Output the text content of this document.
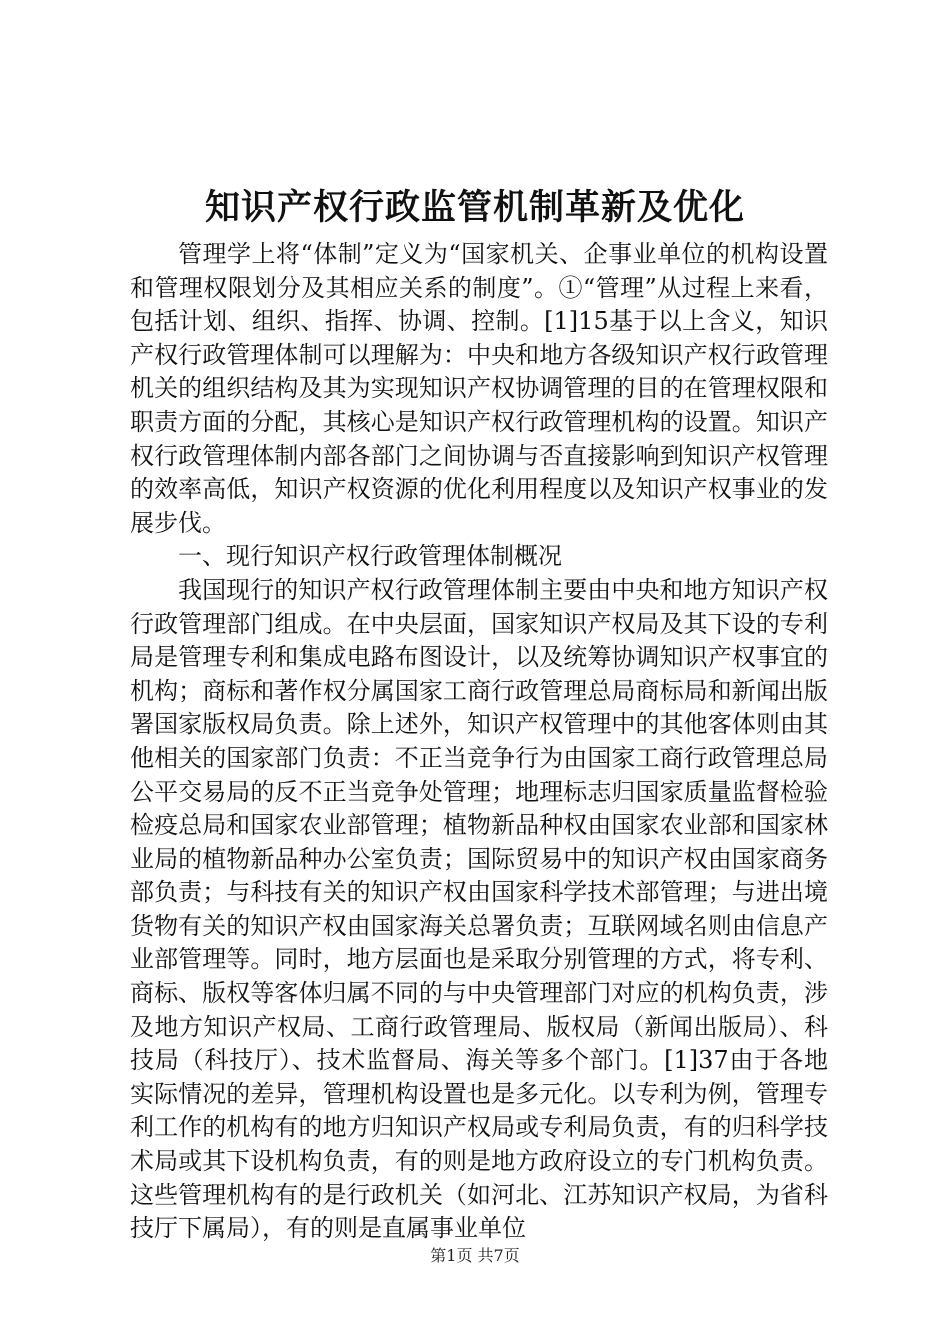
知识产权行政监管机制革新及优化

管理学上将“体制”定义为“国家机关、企事业单位的机构设置和管理权限划分及其相应关系的制度”。①“管理”从过程上来看，包括计划、组织、指挥、协调、控制。[1]15基于以上含义，知识产权行政管理体制可以理解为：中央和地方各级知识产权行政管理机关的组织结构及其为实现知识产权协调管理的目的在管理权限和职责方面的分配，其核心是知识产权行政管理机构的设置。知识产权行政管理体制内部各部门之间协调与否直接影响到知识产权管理的效率高低，知识产权资源的优化利用程度以及知识产权事业的发展步伐。

一、现行知识产权行政管理体制概况

我国现行的知识产权行政管理体制主要由中央和地方知识产权行政管理部门组成。在中央层面，国家知识产权局及其下设的专利局是管理专利和集成电路布图设计，以及统筹协调知识产权事宜的机构；商标和著作权分属国家工商行政管理总局商标局和新闻出版署国家版权局负责。除上述外，知识产权管理中的其他客体则由其他相关的国家部门负责：不正当竞争行为由国家工商行政管理总局公平交易局的反不正当竞争处管理；地理标志归国家质量监督检验检疫总局和国家农业部管理；植物新品种权由国家农业部和国家林业局的植物新品种办公室负责；国际贸易中的知识产权由国家商务部负责；与科技有关的知识产权由国家科学技术部管理；与进出境货物有关的知识产权由国家海关总署负责；互联网域名则由信息产业部管理等。同时，地方层面也是采取分别管理的方式，将专利、商标、版权等客体归属不同的与中央管理部门对应的机构负责，涉及地方知识产权局、工商行政管理局、版权局（新闻出版局）、科技局（科技厅）、技术监督局、海关等多个部门。[1]37由于各地实际情况的差异，管理机构设置也是多元化。以专利为例，管理专利工作的机构有的地方归知识产权局或专利局负责，有的归科学技术局或其下设机构负责，有的则是地方政府设立的专门机构负责。这些管理机构有的是行政机关（如河北、江苏知识产权局，为省科技厅下属局），有的则是直属事业单位

第1页 共7页
